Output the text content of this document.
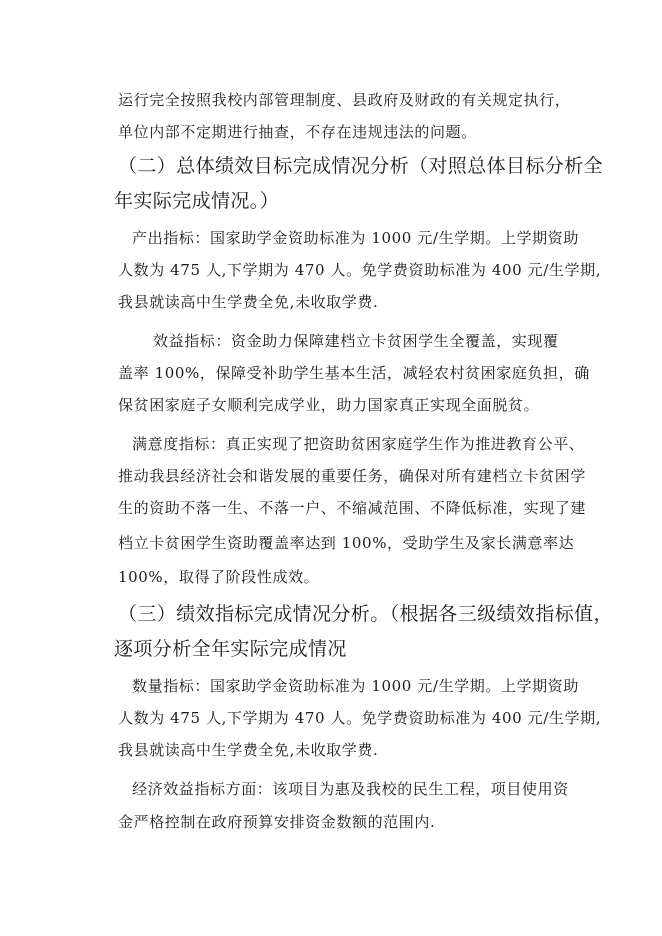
运行完全按照我校内部管理制度、县政府及财政的有关规定执行，
单位内部不定期进行抽查，不存在违规违法的问题。
（二）总体绩效目标完成情况分析（对照总体目标分析全
年实际完成情况。）
产出指标：国家助学金资助标准为 1000 元/生学期。上学期资助
人数为 475 人,下学期为 470 人。免学费资助标准为 400 元/生学期,
我县就读高中生学费全免,未收取学费.
效益指标：资金助力保障建档立卡贫困学生全覆盖，实现覆
盖率 100%，保障受补助学生基本生活，减轻农村贫困家庭负担，确
保贫困家庭子女顺利完成学业，助力国家真正实现全面脱贫。
满意度指标：真正实现了把资助贫困家庭学生作为推进教育公平、
推动我县经济社会和谐发展的重要任务，确保对所有建档立卡贫困学
生的资助不落一生、不落一户、不缩减范围、不降低标准，实现了建
档立卡贫困学生资助覆盖率达到 100%，受助学生及家长满意率达
100%，取得了阶段性成效。
（三）绩效指标完成情况分析。（根据各三级绩效指标值，
逐项分析全年实际完成情况
数量指标：国家助学金资助标准为 1000 元/生学期。上学期资助
人数为 475 人,下学期为 470 人。免学费资助标准为 400 元/生学期,
我县就读高中生学费全免,未收取学费.
经济效益指标方面：该项目为惠及我校的民生工程，项目使用资
金严格控制在政府预算安排资金数额的范围内.
